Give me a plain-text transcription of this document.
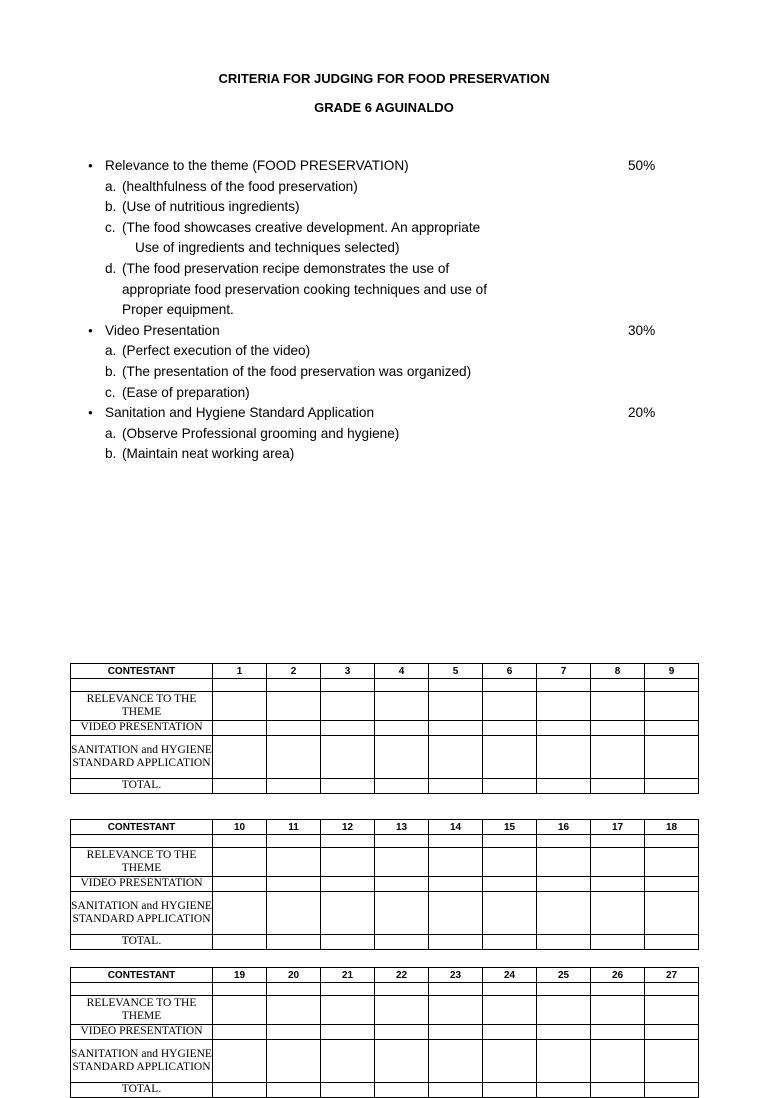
CRITERIA FOR JUDGING FOR FOOD PRESERVATION
GRADE 6 AGUINALDO
● Relevance to the theme (FOOD PRESERVATION)	50%
a. (healthfulness of the food preservation)
b. (Use of nutritious ingredients)
c. (The food showcases creative development. An appropriate
Use of ingredients and techniques selected)
d. (The food preservation recipe demonstrates the use of
appropriate food preservation cooking techniques and use of
Proper equipment.
● Video Presentation	30%
a. (Perfect execution of the video)
b. (The presentation of the food preservation was organized)
c. (Ease of preparation)
● Sanitation and Hygiene Standard Application	20%
a. (Observe Professional grooming and hygiene)
b. (Maintain neat working area)
CONTESTANT	1	2	3	4	5	6	7	8	9

RELEVANCE TO THE THEME									
VIDEO PRESENTATION									
SANITATION and HYGIENE STANDARD APPLICATION									
TOTAL.									
CONTESTANT	10	11	12	13	14	15	16	17	18

RELEVANCE TO THE THEME									
VIDEO PRESENTATION									
SANITATION and HYGIENE STANDARD APPLICATION									
TOTAL.									
CONTESTANT	19	20	21	22	23	24	25	26	27

RELEVANCE TO THE THEME									
VIDEO PRESENTATION									
SANITATION and HYGIENE STANDARD APPLICATION									
TOTAL.									
